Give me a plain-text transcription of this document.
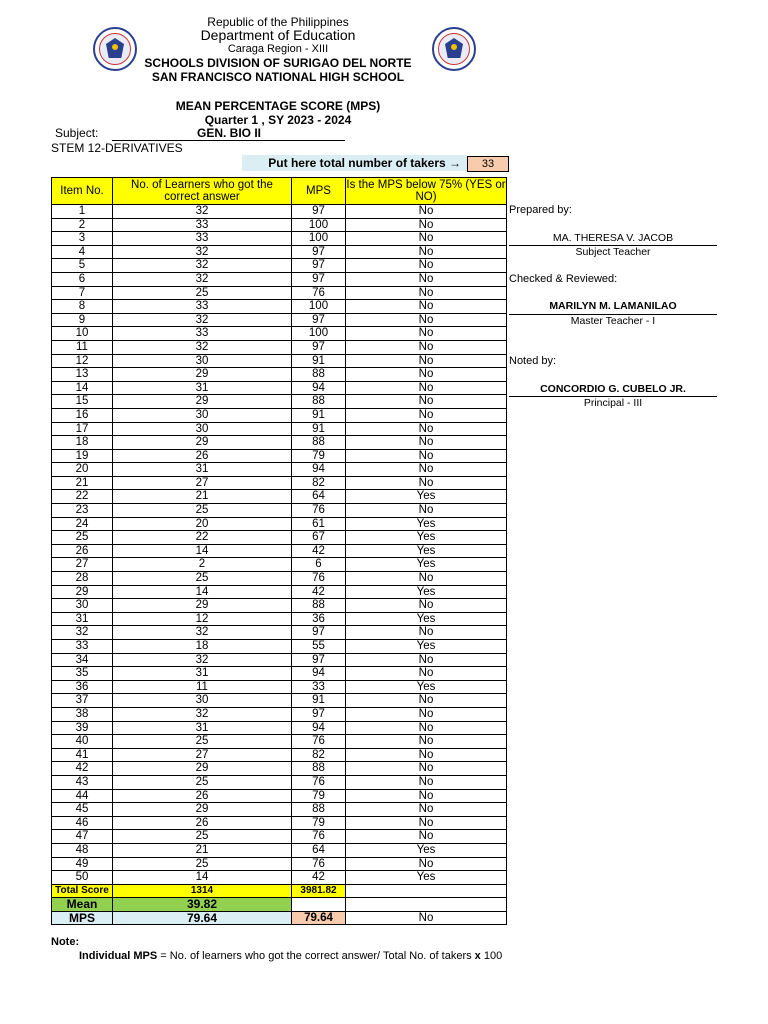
Republic of the Philippines
Department of Education
Caraga Region - XIII
SCHOOLS DIVISION OF SURIGAO DEL NORTE
SAN FRANCISCO NATIONAL HIGH SCHOOL
MEAN PERCENTAGE SCORE (MPS)
Quarter 1 , SY 2023 - 2024
Subject:	GEN. BIO II
STEM 12-DERIVATIVES
Put here total number of takers →	33
Item No.	No. of Learners who got the correct answer	MPS	Is the MPS below 75% (YES or NO)
1	32	97	No
2	33	100	No
3	33	100	No
4	32	97	No
5	32	97	No
6	32	97	No
7	25	76	No
8	33	100	No
9	32	97	No
10	33	100	No
11	32	97	No
12	30	91	No
13	29	88	No
14	31	94	No
15	29	88	No
16	30	91	No
17	30	91	No
18	29	88	No
19	26	79	No
20	31	94	No
21	27	82	No
22	21	64	Yes
23	25	76	No
24	20	61	Yes
25	22	67	Yes
26	14	42	Yes
27	2	6	Yes
28	25	76	No
29	14	42	Yes
30	29	88	No
31	12	36	Yes
32	32	97	No
33	18	55	Yes
34	32	97	No
35	31	94	No
36	11	33	Yes
37	30	91	No
38	32	97	No
39	31	94	No
40	25	76	No
41	27	82	No
42	29	88	No
43	25	76	No
44	26	79	No
45	29	88	No
46	26	79	No
47	25	76	No
48	21	64	Yes
49	25	76	No
50	14	42	Yes
Total Score	1314	3981.82	
Mean	39.82		
MPS	79.64	79.64	No
Prepared by:
MA. THERESA V. JACOB
Subject Teacher
Checked & Reviewed:
MARILYN M. LAMANILAO
Master Teacher - I
Noted by:
CONCORDIO G. CUBELO JR.
Principal - III
Note:
Individual MPS = No. of learners who got the correct answer/ Total No. of takers x 100
